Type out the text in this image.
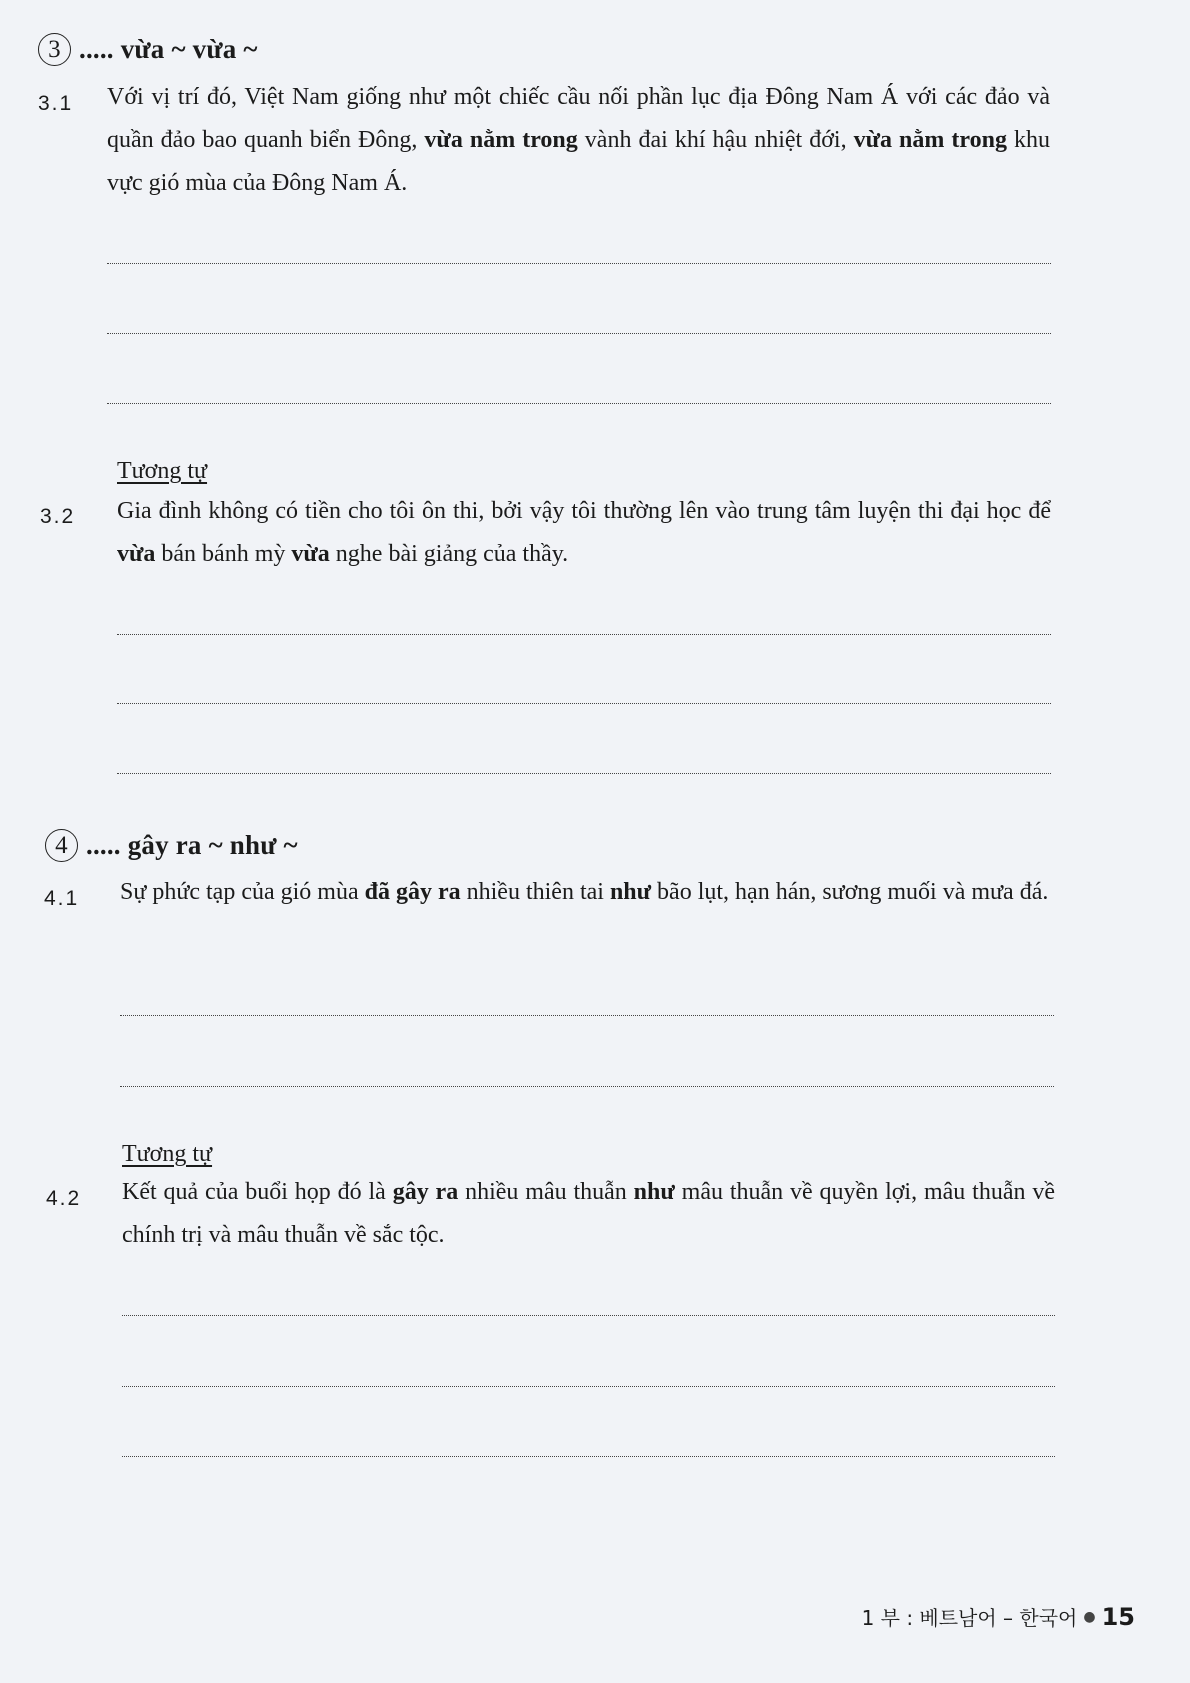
3 ..... vừa ~ vừa ~
3.1 Với vị trí đó, Việt Nam giống như một chiếc cầu nối phần lục địa Đông Nam Á với các đảo và quần đảo bao quanh biển Đông, vừa nằm trong vành đai khí hậu nhiệt đới, vừa nằm trong khu vực gió mùa của Đông Nam Á.
Tương tự
3.2 Gia đình không có tiền cho tôi ôn thi, bởi vậy tôi thường lên vào trung tâm luyện thi đại học để vừa bán bánh mỳ vừa nghe bài giảng của thầy.
4 ..... gây ra ~ như ~
4.1 Sự phức tạp của gió mùa đã gây ra nhiều thiên tai như bão lụt, hạn hán, sương muối và mưa đá.
Tương tự
4.2 Kết quả của buổi họp đó là gây ra nhiều mâu thuẫn như mâu thuẫn về quyền lợi, mâu thuẫn về chính trị và mâu thuẫn về sắc tộc.
1 부 : 베트남어 – 한국어 ● 15
